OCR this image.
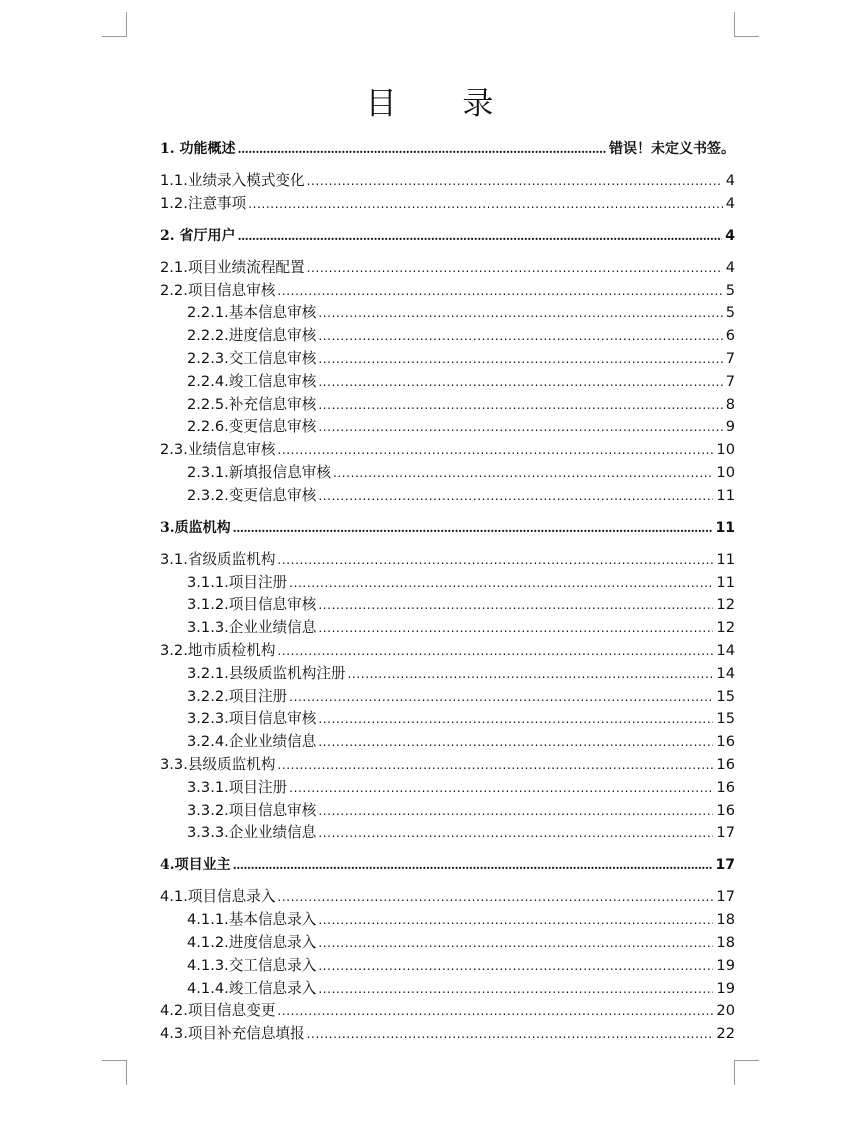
目 录
1. 功能概述 .....	错误！未定义书签。
1.1.业绩录入模式变化 .....	4
1.2.注意事项 .....	4
2. 省厅用户 .....	4
2.1.项目业绩流程配置 .....	4
2.2.项目信息审核 .....	5
2.2.1.基本信息审核 .....	5
2.2.2.进度信息审核 .....	6
2.2.3.交工信息审核 .....	7
2.2.4.竣工信息审核 .....	7
2.2.5.补充信息审核 .....	8
2.2.6.变更信息审核 .....	9
2.3.业绩信息审核 .....	10
2.3.1.新填报信息审核 .....	10
2.3.2.变更信息审核 .....	11
3.质监机构 .....	11
3.1.省级质监机构 .....	11
3.1.1.项目注册 .....	11
3.1.2.项目信息审核 .....	12
3.1.3.企业业绩信息 .....	12
3.2.地市质检机构 .....	14
3.2.1.县级质监机构注册 .....	14
3.2.2.项目注册 .....	15
3.2.3.项目信息审核 .....	15
3.2.4.企业业绩信息 .....	16
3.3.县级质监机构 .....	16
3.3.1.项目注册 .....	16
3.3.2.项目信息审核 .....	16
3.3.3.企业业绩信息 .....	17
4.项目业主 .....	17
4.1.项目信息录入 .....	17
4.1.1.基本信息录入 .....	18
4.1.2.进度信息录入 .....	18
4.1.3.交工信息录入 .....	19
4.1.4.竣工信息录入 .....	19
4.2.项目信息变更 .....	20
4.3.项目补充信息填报 .....	22
